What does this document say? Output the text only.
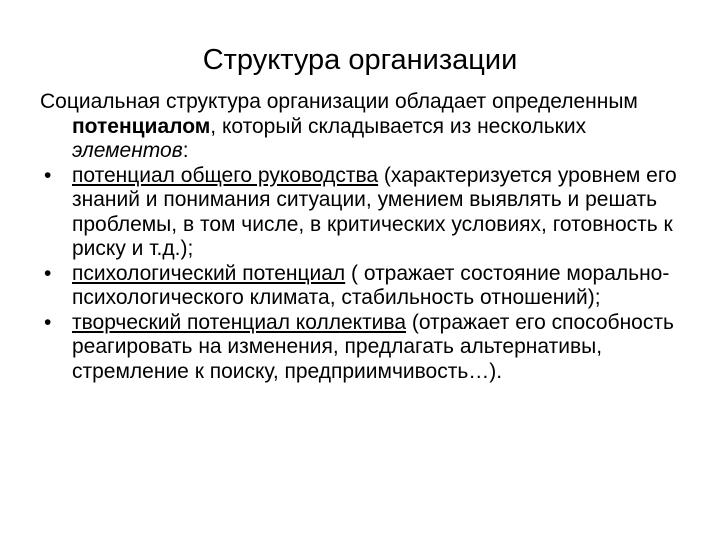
Структура организации

Социальная структура организации обладает определенным потенциалом, который складывается из нескольких элементов:

• потенциал общего руководства (характеризуется уровнем его знаний и понимания ситуации, умением выявлять и решать проблемы, в том числе, в критических условиях, готовность к риску и т.д.);
• психологический потенциал ( отражает состояние морально-психологического климата, стабильность отношений);
• творческий потенциал коллектива (отражает его способность реагировать на изменения, предлагать альтернативы, стремление к поиску, предприимчивость…).
